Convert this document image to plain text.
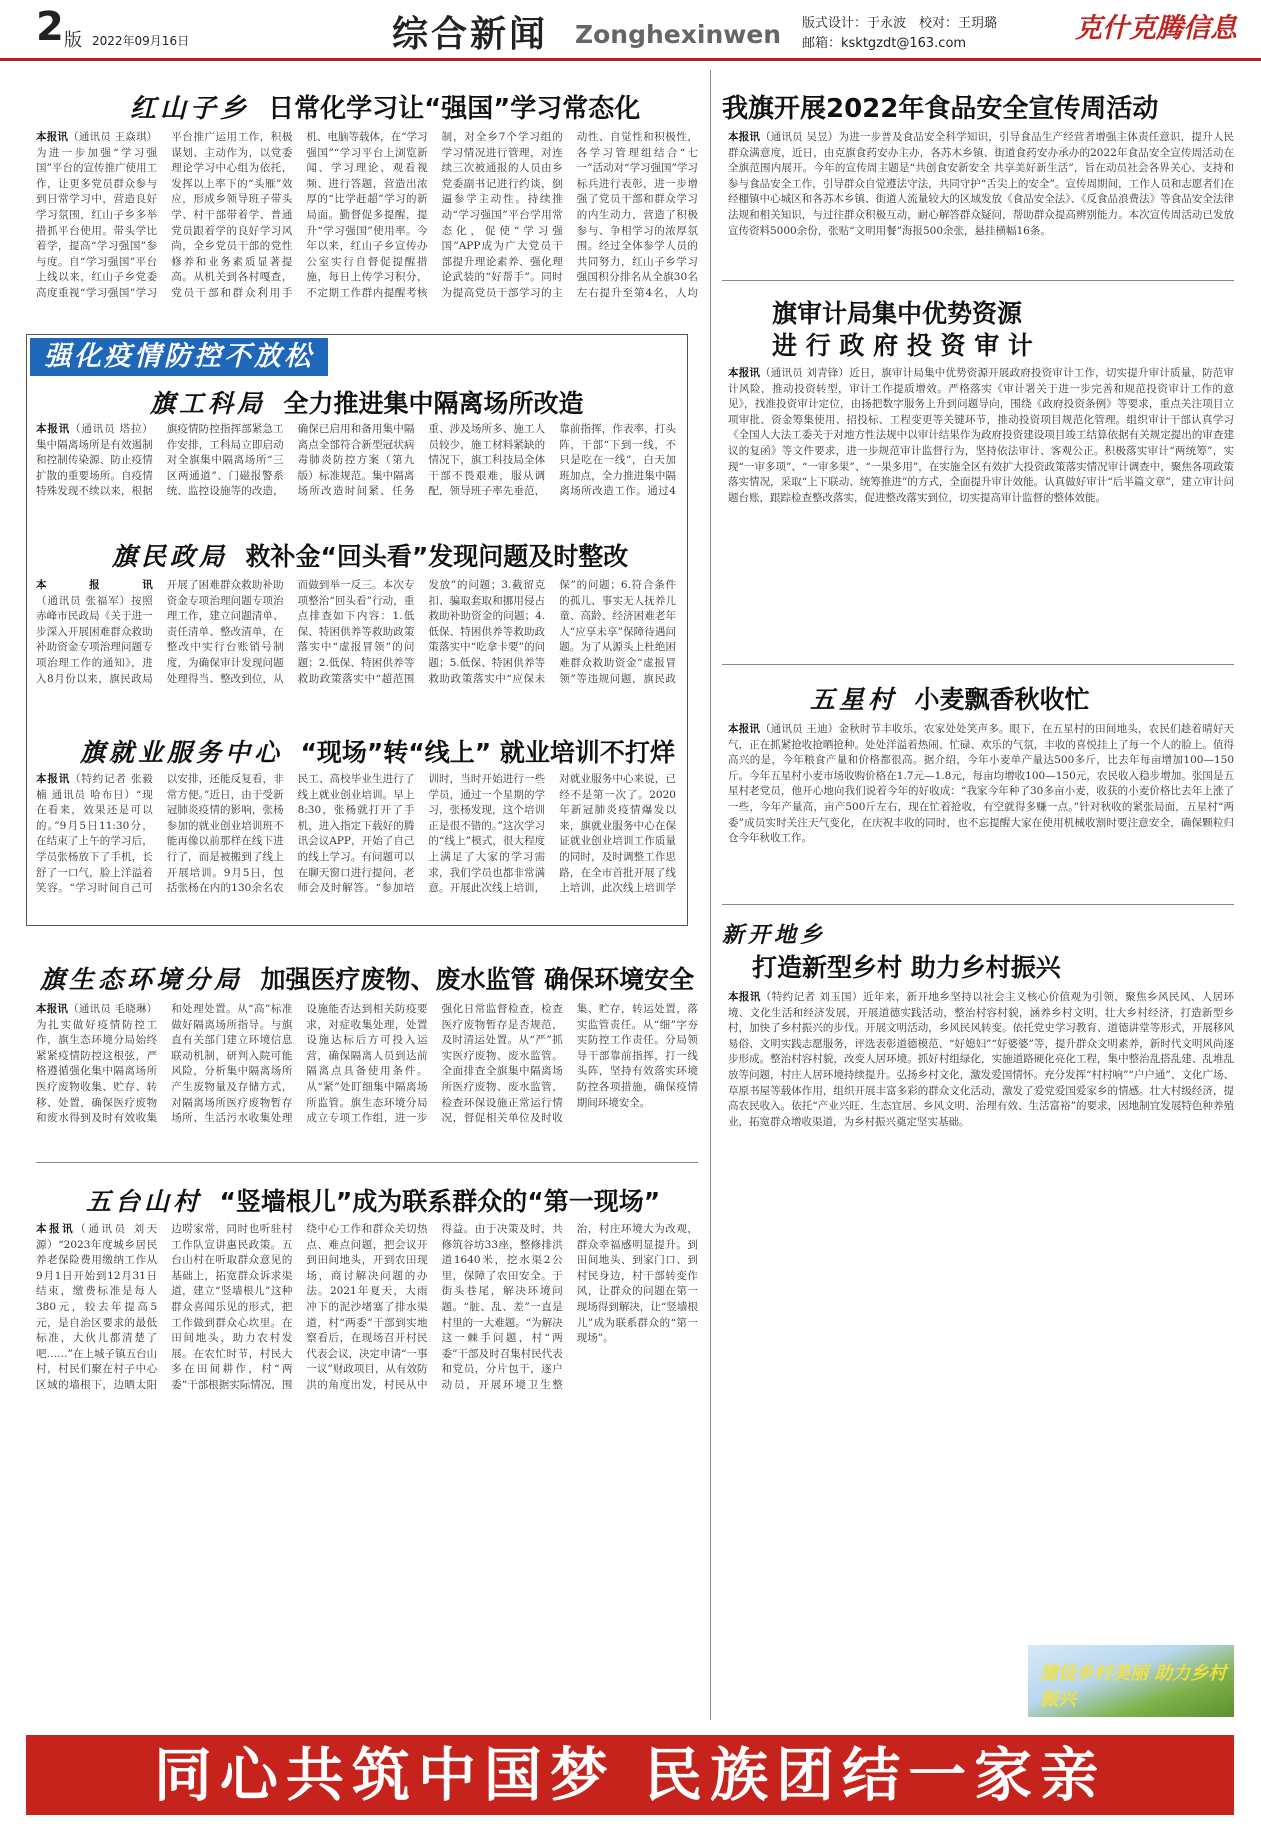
2 版 2022年09月16日	综合新闻 Zonghexinwen 版式设计：于永波　校对：王玥璐
邮箱：ksktgzdt@163.com	克什克腾信息
红山子乡 日常化学习让“强国”学习常态化
本报讯（通讯员 王焱琪）为进一步加强“学习强国”平台的宣传推广使用工作，让更多党员群众参与到日常学习中，营造良好学习氛围，红山子乡多举措抓平台使用。带头学比着学，提高“学习强国”参与度。自“学习强国”平台上线以来，红山子乡党委高度重视“学习强国”学习平台推广运用工作，积极谋划、主动作为，以党委理论学习中心组为依托，发挥以上率下的“头雁”效应，形成乡领导班子带头学、村干部带着学、普通党员跟着学的良好学习风尚，全乡党员干部的党性修养和业务素质显著提高。从机关到各村嘎查，党员干部和群众利用手机、电脑等载体，在“学习强国”“学习平台上浏览新闻、学习理论、观看视频、进行答题，营造出浓厚的“比学赶超”学习的新局面。勤督促多提醒，提升“学习强国”使用率。今年以来，红山子乡宣传办公室实行自督促提醒措施，每日上传学习积分，不定期工作群内提醒考核制，对全乡7个学习组的学习情况进行管理，对连续三次被通报的人员由乡党委副书记进行约谈，倒逼参学主动性。持续推动“学习强国”平台学用常态化，促使“学习强国”APP成为广大党员干部提升理论素养、强化理论武装的“好帮手”。同时为提高党员干部学习的主动性、自觉性和积极性，各学习管理组结合“七一”活动对“学习强国”学习标兵进行表彰，进一步增强了党员干部和群众学习的内生动力，营造了积极参与、争相学习的浓厚氛围。经过全体参学人员的共同努力，红山子乡学习强国积分排名从全旗30名左右提升至第4名，人均
强化疫情防控不放松
旗工科局 全力推进集中隔离场所改造
本报讯（通讯员 塔拉）集中隔离场所是有效遏制和控制传染源、防止疫情扩散的重要场所。自疫情特殊发现不续以来，根据旗疫情防控指挥部紧急工作安排，工科局立即启动对全旗集中隔离场所“三区两通道”、门磁报警系统、监控设施等的改造，确保已启用和备用集中隔离点全部符合新型冠状病毒肺炎防控方案（第九版）标准规范。集中隔离场所改造时间紧、任务重、涉及场所多、施工人员较少，施工材料紧缺的情况下，旗工科技局全体干部不畏艰难，服从调配，领导班子率先垂范，靠前指挥，作表率，打头阵，干部“下到一线，不只是吃在一线”，白天加班加点，全力推进集中隔离场所改造工作。通过4
旗民政局 救补金“回头看”发现问题及时整改
本报讯（通讯员 张福军）按照赤峰市民政局《关于进一步深入开展困难群众救助补助资金专项治理问题专项治理工作的通知》，进入8月份以来，旗民政局开展了困难群众救助补助资金专项治理问题专项治理工作，建立问题清单、责任清单、整改清单，在整改中实行台账销号制度，为确保审计发现问题处理得当、整改到位，从而做到举一反三。本次专项整治“回头看”行动，重点排查如下内容：1.低保、特困供养等救助政策落实中“虚报冒领”的问题；2.低保、特困供养等救助政策落实中“超范围发放”的问题；3.截留克扣、骗取套取和挪用侵占救助补助资金的问题；4.低保、特困供养等救助政策落实中“吃拿卡要”的问题；5.低保、特困供养等救助政策落实中“应保未保”的问题；6.符合条件的孤儿、事实无人抚养儿童、高龄、经济困难老年人“应享未享”保障待遇问题。为了从源头上杜绝困难群众救助资金“虚报冒领”等违规问题，旗民政
旗就业服务中心 “现场”转“线上” 就业培训不打烊
本报讯（特约记者 张毅楠 通讯员 哈布日）“现在看来，效果还是可以的。”9月5日11:30分，在结束了上午的学习后，学员张杨放下了手机，长舒了一口气，脸上洋溢着笑容。“学习时间自己可以安排，还能反复看，非常方便。”近日，由于受新冠肺炎疫情的影响，张杨参加的就业创业培训班不能再像以前那样在线下进行了，而是被搬到了线上开展培训。9月5日，包括张杨在内的130余名农民工、高校毕业生进行了线上就业创业培训。早上8:30，张杨就打开了手机，进入指定下载好的腾讯会议APP，开始了自己的线上学习。有问题可以在聊天窗口进行提问，老师会及时解答。“参加培训时，当时开始进行一些学员，通过一个星期的学习，张杨发现，这个培训正是很不错的。”这次学习的“线上”模式，很大程度上满足了大家的学习需求，我们学员也都非常满意。开展此次线上培训，对就业服务中心来说，已经不是第一次了。2020年新冠肺炎疫情爆发以来，旗就业服务中心在保证就业创业培训工作质量的同时，及时调整工作思路，在全市首批开展了线上培训，此次线上培训学
旗生态环境分局 加强医疗废物、废水监管 确保环境安全
本报讯（通讯员 毛晓琳）为扎实做好疫情防控工作，旗生态环境分局始终紧紧疫情防控这根弦，严格遵循强化集中隔离场所医疗废物收集、贮存、转移、处置，确保医疗废物和废水得到及时有效收集和处理处置。从“高”标准做好隔离场所指导。与旗直有关部门建立环境信息联动机制，研判入院可能风险，分析集中隔离场所产生废物量及存储方式，对隔离场所医疗废物暂存场所、生活污水收集处理设施能否达到相关防疫要求，对症收集处理，处置设施达标后方可投入运营，确保隔离人员到达前隔离点具备使用条件。从“紧”处盯细集中隔离场所监管。旗生态环境分局成立专项工作组，进一步强化日常监督检查，检查医疗废物暂存是否规范，及时清运处置。从“严”抓实医疗废物、废水监管。全面排查全旗集中隔离场所医疗废物、废水监管，检查环保设施正常运行情况，督促相关单位及时收集、贮存，转运处置，落实监管责任。从“细”字夯实防控工作责任。分局领导干部靠前指挥，打一线头阵，坚持有效落实环境防控各项措施，确保疫情期间环境安全。
五台山村 “竖墙根儿”成为联系群众的“第一现场”
本报讯（通讯员 刘天源）“2023年度城乡居民养老保险费用缴纳工作从9月1日开始到12月31日结束，缴费标准是每人380元，较去年提高5元，是自治区要求的最低标准，大伙儿都清楚了吧……”在上城子镇五台山村，村民们聚在村子中心区域的墙根下，边晒太阳边唠家常，同时也听驻村工作队宣讲惠民政策。五台山村在听取群众意见的基础上，拓宽群众诉求渠道，建立“竖墙根儿”这种群众喜闻乐见的形式，把工作做到群众心坎里。在田间地头，助力农村发展。在农忙时节，村民大多在田间耕作，村“两委”干部根据实际情况，围绕中心工作和群众关切热点、难点问题，把会议开到田间地头，开到农田现场，商讨解决问题的办法。2021年夏天，大雨冲下的泥沙堵塞了排水渠道，村“两委”干部到实地察看后，在现场召开村民代表会议，决定申请“一事一议”财政项目，从有效防洪的角度出发，村民从中得益。由于决策及时，共修筑谷坊33座，整修排洪道1640米，挖水渠2公里，保障了农田安全。于街头巷尾，解决环境问题。“脏、乱、差”一直是村里的一大难题。“为解决这一棘手问题，村“两委”干部及时召集村民代表和党员，分片包干，逐户动员，开展环境卫生整治，村庄环境大为改观，群众幸福感明显提升。到田间地头、到家门口、到村民身边，村干部转变作风，让群众的问题在第一现场得到解决，让“竖墙根儿”成为联系群众的“第一现场”。
我旗开展2022年食品安全宣传周活动
本报讯（通讯员 吴昱）为进一步普及食品安全科学知识，引导食品生产经营者增强主体责任意识，提升人民群众满意度，近日，由克旗食药安办主办，各苏木乡镇、街道食药安办承办的2022年食品安全宣传周活动在全旗范围内展开。今年的宣传周主题是“共创食安新安全 共享美好新生活”，旨在动员社会各界关心、支持和参与食品安全工作，引导群众自觉遵法守法，共同守护“舌尖上的安全”。宣传周期间，工作人员和志愿者们在经棚镇中心城区和各苏木乡镇、街道人流量较大的区域发放《食品安全法》、《反食品浪费法》等食品安全法律法规和相关知识，与过往群众积极互动，耐心解答群众疑问，帮助群众提高辨别能力。本次宣传周活动已发放宣传资料5000余份，张贴“文明用餐”海报500余张，悬挂横幅16条。
旗审计局集中优势资源
进 行 政 府 投 资 审 计
本报讯（通讯员 刘青锋）近日，旗审计局集中优势资源开展政府投资审计工作，切实提升审计质量，防范审计风险，推动投资转型，审计工作提质增效。严格落实《审计署关于进一步完善和规范投资审计工作的意见》，找准投资审计定位，由扬把数字服务上升到问题导向，围绕《政府投资条例》等要求，重点关注项目立项审批、资金筹集使用、招投标、工程变更等关键环节，推动投资项目规范化管理。组织审计干部认真学习《全国人大法工委关于对地方性法规中以审计结果作为政府投资建设项目竣工结算依据有关规定提出的审查建议的复函》等文件要求，进一步规范审计监督行为，坚持依法审计、客观公正。积极落实审计“两统筹”，实现“一审多项”、“一审多果”、“一果多用”，在实施全区有效扩大投资政策落实情况审计调查中，聚焦各项政策落实情况，采取“上下联动、统筹推进”的方式，全面提升审计效能。认真做好审计“后半篇文章”，建立审计问题台账，跟踪检查整改落实，促进整改落实到位，切实提高审计监督的整体效能。
五星村 小麦飘香秋收忙
本报讯（通讯员 王迪）金秋时节丰收乐，农家处处笑声多。眼下，在五星村的田间地头，农民们趁着晴好天气，正在抓紧抢收抢晒抢种。处处洋溢着热闹、忙碌、欢乐的气氛，丰收的喜悦挂上了每一个人的脸上。值得高兴的是，今年粮食产量和价格都很高。据介绍，今年小麦单产量达500多斤，比去年每亩增加100—150斤。今年五星村小麦市场收购价格在1.7元—1.8元，每亩均增收100—150元，农民收入稳步增加。张国是五星村老党员，他开心地向我们说着今年的好收成：“我家今年种了30多亩小麦，收获的小麦价格比去年上涨了一些，今年产量高，亩产500斤左右，现在忙着抢收，有空就得多赚一点。”针对秋收的紧张局面，五星村“两委”成员实时关注天气变化，在庆祝丰收的同时，也不忘提醒大家在使用机械收割时要注意安全，确保颗粒归仓今年秋收工作。
新开地乡
打造新型乡村 助力乡村振兴
本报讯（特约记者 刘玉国）近年来，新开地乡坚持以社会主义核心价值观为引领，聚焦乡风民风、人居环境、文化生活和经济发展，开展道德实践活动，整治村容村貌，涵养乡村文明，壮大乡村经济，打造新型乡村，加快了乡村振兴的步伐。开展文明活动，乡风民风转变。依托党史学习教育、道德讲堂等形式，开展移风易俗、文明实践志愿服务，评选表彰道德模范、“好媳妇”“好婆婆”等，提升群众文明素养，新时代文明风尚逐步形成。整治村容村貌，改变人居环境。抓好村组绿化，实施道路硬化亮化工程，集中整治乱搭乱建、乱堆乱放等问题，村庄人居环境持续提升。弘扬乡村文化，激发爱国情怀。充分发挥“村村响”“户户通”、文化广场、草原书屋等载体作用，组织开展丰富多彩的群众文化活动，激发了爱党爱国爱家乡的情感。壮大村级经济，提高农民收入。依托“产业兴旺、生态宜居、乡风文明、治理有效、生活富裕”的要求，因地制宜发展特色种养殖业，拓宽群众增收渠道，为乡村振兴奠定坚实基础。
建设乡村美丽 助力乡村振兴
同心共筑中国梦 民族团结一家亲
